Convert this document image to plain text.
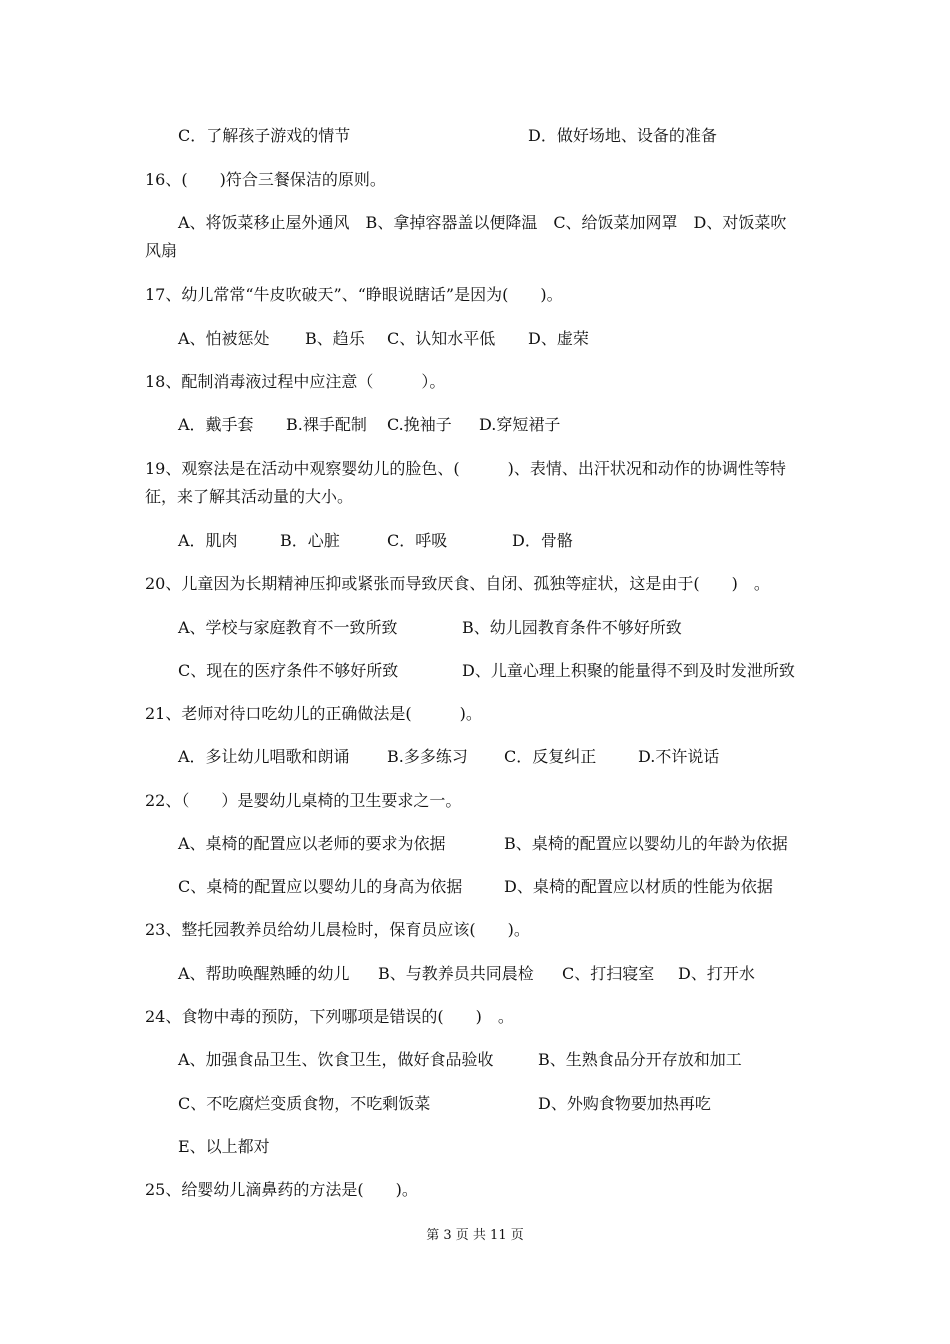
C．了解孩子游戏的情节	D．做好场地、设备的准备
16、(　　)符合三餐保洁的原则。
A、将饭菜移止屋外通风　B、拿掉容器盖以便降温　C、给饭菜加网罩　D、对饭菜吹
风扇
17、幼儿常常“牛皮吹破天”、“睁眼说瞎话”是因为(　　)。
A、怕被惩处 B、趋乐 C、认知水平低 D、虚荣
18、配制消毒液过程中应注意（　　　）。
A．戴手套 B.裸手配制 C.挽袖子 D.穿短裙子
19、观察法是在活动中观察婴幼儿的脸色、(　　　)、表情、出汗状况和动作的协调性等特
征，来了解其活动量的大小。
A．肌肉	B．心脏	C．呼吸	D．骨骼
20、儿童因为长期精神压抑或紧张而导致厌食、自闭、孤独等症状，这是由于(　　)　。
A、学校与家庭教育不一致所致	B、幼儿园教育条件不够好所致
C、现在的医疗条件不够好所致	D、儿童心理上积聚的能量得不到及时发泄所致
21、老师对待口吃幼儿的正确做法是(　　　)。
A．多让幼儿唱歌和朗诵 B.多多练习 C．反复纠正	D.不许说话
22、（　　）是婴幼儿桌椅的卫生要求之一。
A、桌椅的配置应以老师的要求为依据	B、桌椅的配置应以婴幼儿的年龄为依据
C、桌椅的配置应以婴幼儿的身高为依据	D、桌椅的配置应以材质的性能为依据
23、整托园教养员给幼儿晨检时，保育员应该(　　)。
A、帮助唤醒熟睡的幼儿 B、与教养员共同晨检 C、打扫寝室 D、打开水
24、食物中毒的预防，下列哪项是错误的(　　)　。
A、加强食品卫生、饮食卫生，做好食品验收	B、生熟食品分开存放和加工
C、不吃腐烂变质食物，不吃剩饭菜	D、外购食物要加热再吃
E、以上都对
25、给婴幼儿滴鼻药的方法是(　　)。
第 3 页 共 11 页
